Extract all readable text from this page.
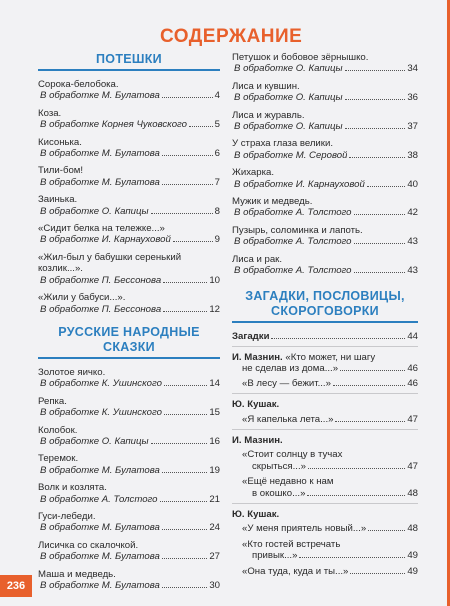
СОДЕРЖАНИЕ
ПОТЕШКИ
Сорока-белобока.
В обработке М. Булатова	4
Коза.
В обработке Корнея Чуковского	5
Кисонька.
В обработке М. Булатова	6
Тили-бом!
В обработке М. Булатова	7
Заинька.
В обработке О. Капицы	8
«Сидит белка на тележке...»
В обработке И. Карнауховой	9
«Жил-был у бабушки серенький козлик...».
В обработке П. Бессонова	10
«Жили у бабуси...».
В обработке П. Бессонова	12
РУССКИЕ НАРОДНЫЕ СКАЗКИ
Золотое яичко.
В обработке К. Ушинского	14
Репка.
В обработке К. Ушинского	15
Колобок.
В обработке О. Капицы	16
Теремок.
В обработке М. Булатова	19
Волк и козлята.
В обработке А. Толстого	21
Гуси-лебеди.
В обработке М. Булатова	24
Лисичка со скалочкой.
В обработке М. Булатова	27
Маша и медведь.
В обработке М. Булатова	30
Петушок и бобовое зёрнышко.
В обработке О. Капицы	34
Лиса и кувшин.
В обработке О. Капицы	36
Лиса и журавль.
В обработке О. Капицы	37
У страха глаза велики.
В обработке М. Серовой	38
Жихарка.
В обработке И. Карнауховой	40
Мужик и медведь.
В обработке А. Толстого	42
Пузырь, соломинка и лапоть.
В обработке А. Толстого	43
Лиса и рак.
В обработке А. Толстого	43
ЗАГАДКИ, ПОСЛОВИЦЫ, СКОРОГОВОРКИ
Загадки	44
И. Мазнин. «Кто может, ни шагу
не сделав из дома...»	46
«В лесу — бежит...»	46
Ю. Кушак.
«Я капелька лета...»	47
И. Мазнин.
«Стоит солнцу в тучах
скрыться...»	47
«Ещё недавно к нам
в окошко...»	48
Ю. Кушак.
«У меня приятель новый...»	48
«Кто гостей встречать
привык...»	49
«Она туда, куда и ты...»	49
236
